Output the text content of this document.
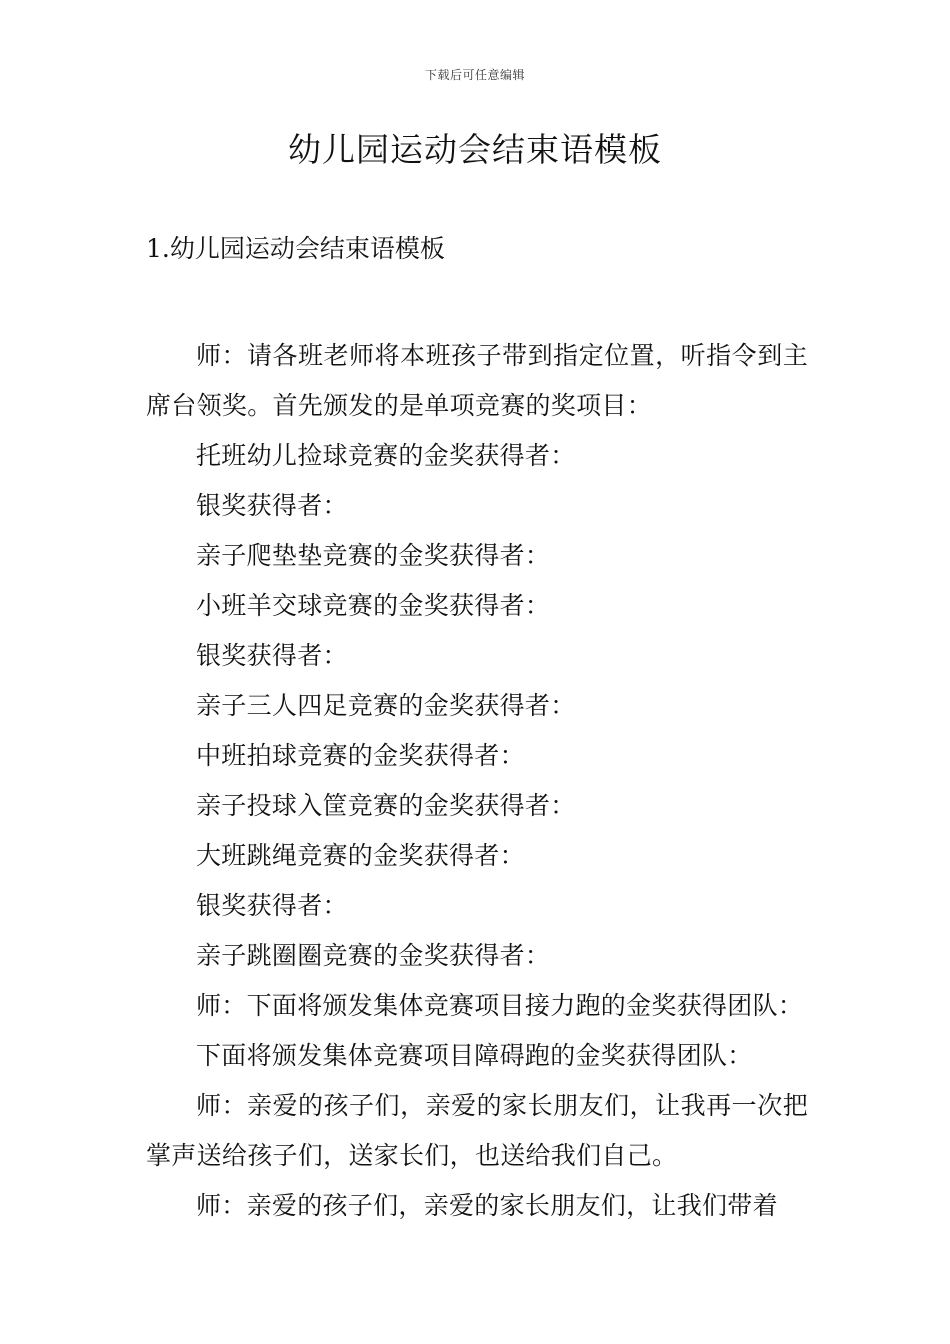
下载后可任意编辑
幼儿园运动会结束语模板
1.幼儿园运动会结束语模板

师：请各班老师将本班孩子带到指定位置，听指令到主席台领奖。首先颁发的是单项竞赛的奖项目：

托班幼儿捡球竞赛的金奖获得者：

银奖获得者：

亲子爬垫垫竞赛的金奖获得者：

小班羊交球竞赛的金奖获得者：

银奖获得者：

亲子三人四足竞赛的金奖获得者：

中班拍球竞赛的金奖获得者：

亲子投球入筐竞赛的金奖获得者：

大班跳绳竞赛的金奖获得者：

银奖获得者：

亲子跳圈圈竞赛的金奖获得者：

师：下面将颁发集体竞赛项目接力跑的金奖获得团队：

下面将颁发集体竞赛项目障碍跑的金奖获得团队：

师：亲爱的孩子们，亲爱的家长朋友们，让我再一次把掌声送给孩子们，送家长们，也送给我们自己。

师：亲爱的孩子们，亲爱的家长朋友们，让我们带着
